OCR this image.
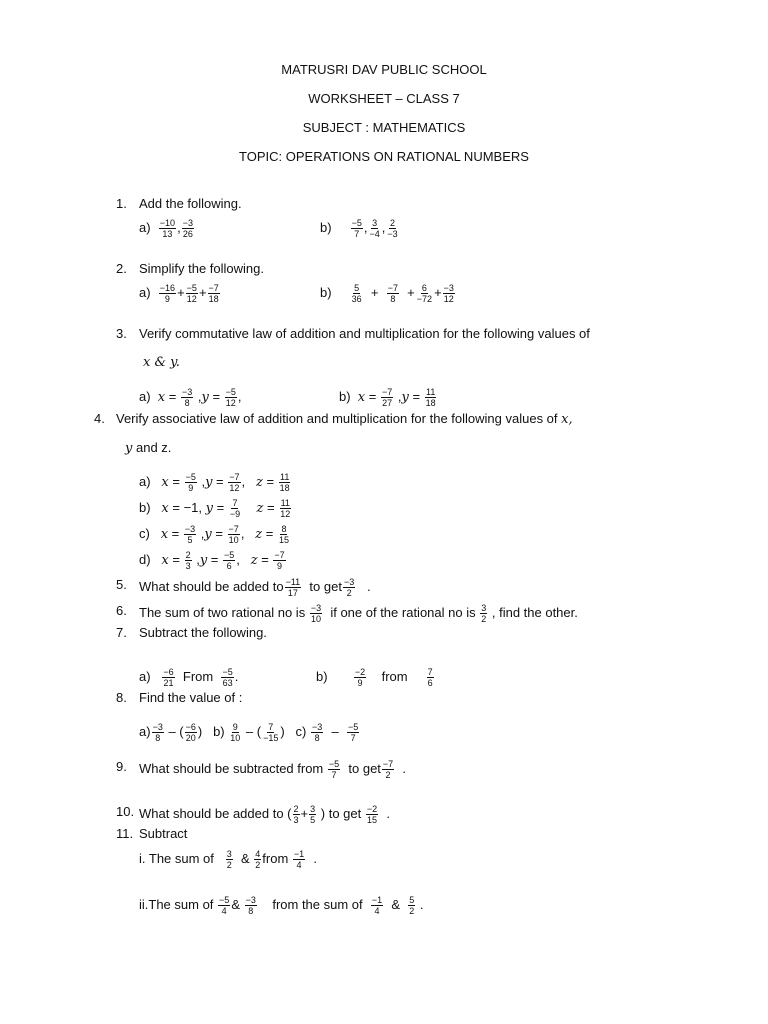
MATRUSRI DAV PUBLIC SCHOOL
WORKSHEET – CLASS 7
SUBJECT : MATHEMATICS
TOPIC: OPERATIONS ON RATIONAL NUMBERS
1. Add the following.
$a) \frac{-10}{13}$ , $\frac{-3}{26}$	$b) \frac{-5}{7}$ , $\frac{3}{-4}$ , $\frac{2}{-3}$
2. Simplify the following.
$a) \frac{-16}{9} + \frac{-5}{12} + \frac{-7}{18}$	$b) \frac{5}{36} + \frac{-7}{8} + \frac{6}{-72} + \frac{-3}{12}$
3. Verify commutative law of addition and multiplication for the following values of
x & y.
a) $x = \frac{-3}{8} ,y = \frac{-5}{12}$ ,	b) $x = \frac{-7}{27} ,y = \frac{11}{18}$
4. Verify associative law of addition and multiplication for the following values of x,
y and z.
a) $x = \frac{-5}{9} ,y = \frac{-7}{12}$ ,   $z = \frac{11}{18}$
b) x = −1, $y = \frac{7}{-9}$ $z = \frac{11}{12}$
c) $x = \frac{-3}{5} ,y = \frac{-7}{10}$ ,   $z = \frac{8}{15}$
d) $x = \frac{2}{3} ,y = \frac{-5}{6}$ ,   $z = \frac{-7}{9}$
5. What should be added to $\frac{-11}{17}$ to get $\frac{-3}{2}$ .
6. The sum of two rational no is $\frac{-3}{10}$ if one of the rational no is $\frac{3}{2}$ , find the other.
7. Subtract the following.
$a) \frac{-6}{21}$ From $\frac{-5}{63}$ .	b)	$\frac{-2}{9}$ from $\frac{7}{6}$
8. Find the value of :
$a) \frac{-3}{8}$ – ( $\frac{-6}{20}$ )   $b) \frac{9}{10}$ – ( $\frac{7}{-15}$ )   $c) \frac{-3}{8} - \frac{-5}{7}$
9. What should be subtracted from $\frac{-5}{7}$ to get $\frac{-7}{2}$ .
10. What should be added to ( $\frac{2}{3} + \frac{3}{5}$ ) to get $\frac{-2}{15}$ .
11. Subtract
i. The sum of $\frac{3}{2}$ & $\frac{4}{2}$ from $\frac{-1}{4}$ .
ii.The sum of $\frac{-5}{4}$ & $\frac{-3}{8}$ from the sum of $\frac{-1}{4}$ & $\frac{5}{2}$ .
